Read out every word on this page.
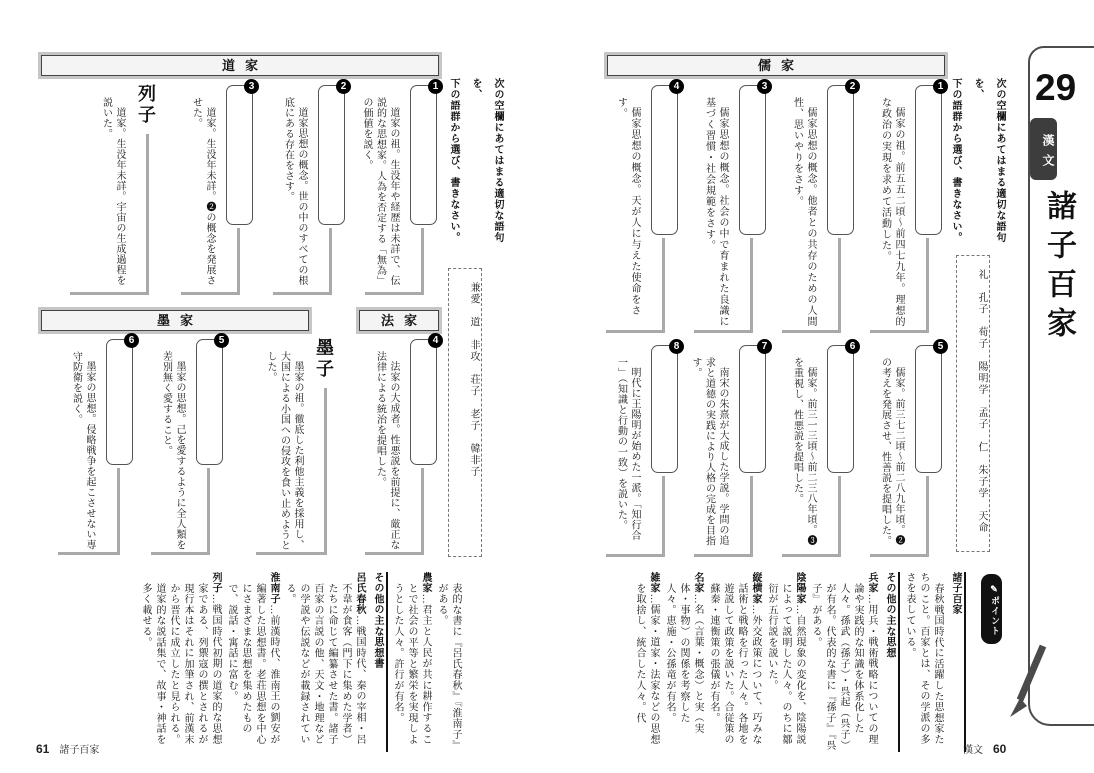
29
漢文
諸子百家
次の空欄にあてはまる適切な語句を、
下の語群から選び、書きなさい。
礼　孔子　荀子　陽明学　孟子　仁　朱子学　天命
儒家
1
儒家の祖。前五五二頃～前四七九年。理想的な政治の実現を求めて活動した。
2
儒家思想の概念。他者との共存のための人間性、思いやりをさす。
3
儒家思想の概念。社会の中で育まれた良識に基づく習慣・社会規範をさす。
4
儒家思想の概念。天が人に与えた使命をさす。
5
儒家。前三七二頃～前二八九年頃。❷の考えを発展させ、性善説を提唱した。
6
儒家。前三一三頃～前二三八年頃。❸を重視し、性悪説を提唱した。
7
南宋の朱熹が大成した学説。学問の追求と道徳の実践により人格の完成を目指す。
8
明代に王陽明が始めた一派。「知行合一」（知識と行動の一致）を説いた。
✎ポイント
諸子百家

春秋戦国時代に活躍した思想家たちのこと。百家とは、その学派の多さを表している。

その他の主な思想

兵家…用兵・戦術戦略についての理論や実践的な知識を体系化した人々。孫武（孫子）・呉起（呉子）が有名。代表的な書に『孫子』『呉子』がある。

陰陽家…自然現象の変化を、陰陽説によって説明した人々。のちに鄒衍が五行説を説いた。

縦横家…外交政策について、巧みな話術と戦略を行った人々。各地を遊説して政策を説いた。合従策の蘇秦・連衡策の張儀が有名。

名家…名（言葉・概念）と実（実体・事物）の関係を考察した人々。恵施・公孫竜が有名。

雑家…儒家・道家・法家などの思想を取捨し、統合した人々。代

漢文　 60
次の空欄にあてはまる適切な語句を、
下の語群から選び、書きなさい。
兼愛　道　非攻　荘子　老子　韓非子
道家
1
道家の祖。生没年や経歴は未詳で、伝説的な思想家。人為を否定する「無為」の価値を説く。
2
道家思想の概念。世の中のすべての根底にある存在をさす。
3
道家。生没年未詳。❷の概念を発展させた。
列子
道家。生没年未詳。宇宙の生成過程を説いた。
墨家	法家
4
法家の大成者。性悪説を前提に、厳正な法律による統治を提唱した。
墨子
墨家の祖。徹底した利他主義を採用し、大国による小国への侵攻を食い止めようとした。
5
墨家の思想。己を愛するように全人類を差別無く愛すること。
6
墨家の思想。侵略戦争を起こさせない専守防衛を説く。

表的な書に『呂氏春秋』『淮南子』がある。

農家…君主と人民が共に耕作することで社会の平等と繁栄を実現しようとした人々。許行が有名。

その他の主な思想書

呂氏春秋…戦国時代、秦の宰相・呂不韋が食客（門下に集めた学者）たちに命じて編纂させた書。諸子百家の言説の他、天文・地理などの学説や伝説などが載録されている。

淮南子…前漢時代、淮南王の劉安が編著した思想書。老荘思想を中心にさまざまな思想を集めたもので、説話・寓話に富む。

列子…戦国時代初期の道家的な思想家である、列禦寇の撰とされるが現行本はそれに加筆され、前漢末から晋代に成立したと見られる。道家的な説話集で、故事・神話を多く載せる。

61　 諸子百家
